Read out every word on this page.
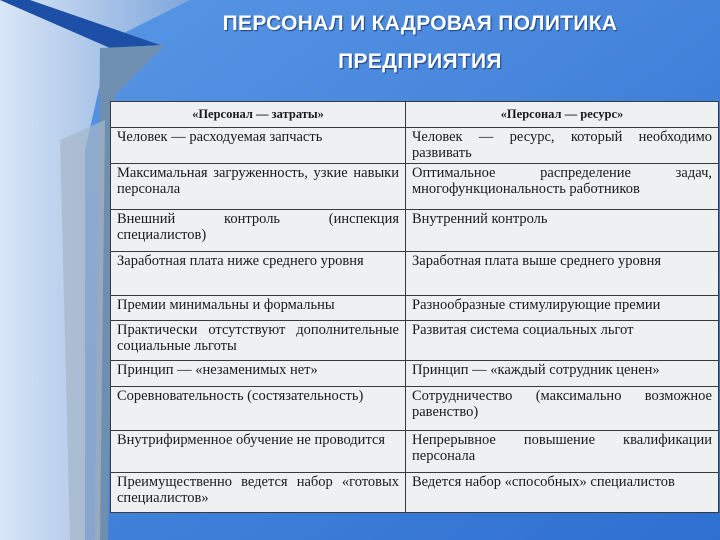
ПЕРСОНАЛ И КАДРОВАЯ ПОЛИТИКА
ПРЕДПРИЯТИЯ
«Персонал — затраты»	«Персонал — ресурс»
Человек — расходуемая запчасть	Человек — ресурс, который необходимо развивать
Максимальная загруженность, узкие навыки персонала	Оптимальное распределение задач, многофункциональность работников
Внешний контроль (инспекция специалистов)	Внутренний контроль
Заработная плата ниже среднего уровня	Заработная плата выше среднего уровня
Премии минимальны и формальны	Разнообразные стимулирующие премии
Практически отсутствуют дополнительные социальные льготы	Развитая система социальных льгот
Принцип — «незаменимых нет»	Принцип — «каждый сотрудник ценен»
Соревновательность (состязательность)	Сотрудничество (максимально возможное равенство)
Внутрифирменное обучение не проводится	Непрерывное повышение квалификации персонала
Преимущественно ведется набор «готовых специалистов»	Ведется набор «способных» специалистов
